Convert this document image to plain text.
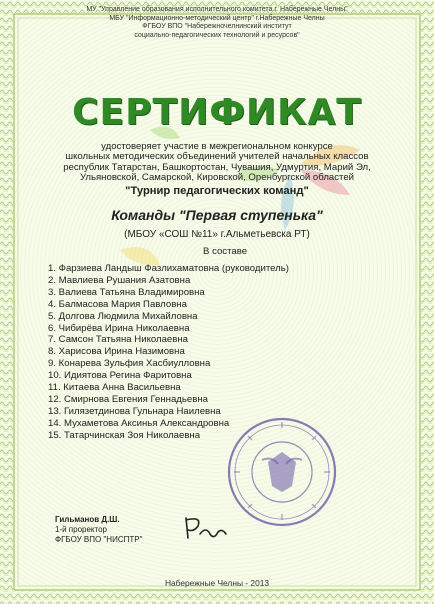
МУ "Управление образования исполнительного комитета г. Набережные Челны"
МБУ "Информационно-методический центр" г.Набережные Челны
ФГБОУ ВПО "Набережночелнинский институт
социально-педагогических технологий и ресурсов"
СЕРТИФИКАТ
удостоверяет участие в межрегиональном конкурсе
школьных методических объединений учителей начальных классов
республик Татарстан, Башкортостан, Чувашия, Удмуртия, Марий Эл,
Ульяновской, Самарской, Кировской, Оренбургской областей
"Турнир педагогических команд"
Команды "Первая ступенька"
(МБОУ «СОШ №11» г.Альметьевска РТ)
В составе
1. Фарзиева Ландыш Фазлихаматовна (руководитель)
2. Мавлиева Рушания Азатовна
3. Валиева Татьяна Владимировна
4. Балмасова Мария Павловна
5. Долгова Людмила Михайловна
6. Чибирёва Ирина Николаевна
7. Самсон Татьяна Николаевна
8. Харисова Ирина Назимовна
9. Конарева Зульфия Хасбиулловна
10. Идиятова Регина Фаритовна
11. Китаева Анна Васильевна
12. Смирнова Евгения Геннадьевна
13. Гилязетдинова Гульнара Наилевна
14. Мухаметова Аксинья Александровна
15. Татарчинская Зоя Николаевна
Гильманов Д.Ш.
1-й проректор
ФГБОУ ВПО "НИСПТР"
Набережные Челны - 2013
